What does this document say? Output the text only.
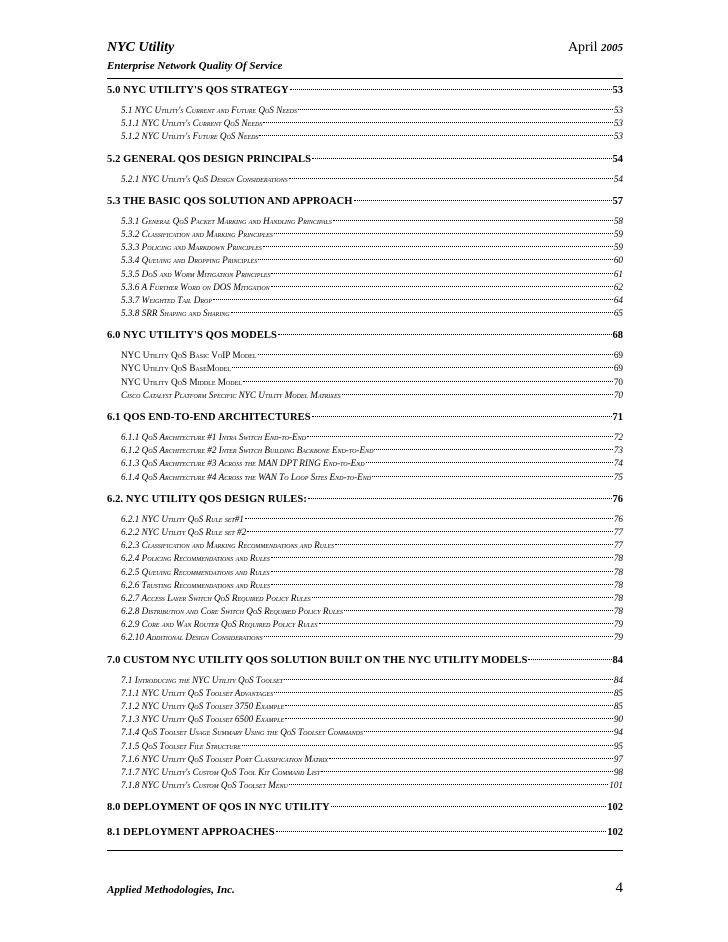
NYC Utility	April 2005
Enterprise Network Quality Of Service
5.0 NYC UTILITY'S QOS STRATEGY	53
5.1 NYC Utility's Current and Future QoS Needs	53
5.1.1 NYC Utility's Current QoS Needs	53
5.1.2 NYC Utility's Future QoS Needs	53
5.2 GENERAL QOS DESIGN PRINCIPALS	54
5.2.1 NYC Utility's QoS Design Considerations	54
5.3 THE BASIC QOS SOLUTION AND APPROACH	57
5.3.1 General QoS Packet Marking and Handling Principals	58
5.3.2 Classification and Marking Principles	59
5.3.3 Policing and Markdown Principles	59
5.3.4 Queuing and Dropping Principles	60
5.3.5 DoS and Worm Mitigation Principles	61
5.3.6 A Further Word on DOS Mitigation	62
5.3.7 Weighted Tail Drop	64
5.3.8 SRR Shaping and Sharing	65
6.0 NYC UTILITY'S QOS MODELS	68
NYC Utility QoS Basic VoIP Model	69
NYC Utility QoS BaseModel	69
NYC Utility QoS Middle Model	70
Cisco Catalyst Platform Specific NYC Utility Model Matrixes	70
6.1 QOS END-TO-END ARCHITECTURES	71
6.1.1 QoS Architecture #1 Intra Switch End-to-End	72
6.1.2 QoS Architecture #2 Inter Switch Building Backbone End-to-End	73
6.1.3 QoS Architecture #3 Across the MAN DPT RING End-to-End	74
6.1.4 QoS Architecture #4 Across the WAN To Loop Sites End-to-End	75
6.2. NYC UTILITY QOS DESIGN RULES:	76
6.2.1 NYC Utility QoS Rule set#1	76
6.2.2 NYC Utility QoS Rule set #2	77
6.2.3 Classification and Marking Recommendations and Rules	77
6.2.4 Policing Recommendations and Rules	78
6.2.5 Queuing Recommendations and Rules	78
6.2.6 Trusting Recommendations and Rules	78
6.2.7 Access Layer Switch QoS Required Policy Rules	78
6.2.8 Distribution and Core Switch QoS Required Policy Rules	78
6.2.9 Core and Wan Router QoS Required Policy Rules	79
6.2.10 Additional Design Considerations	79
7.0 CUSTOM NYC UTILITY QOS SOLUTION BUILT ON THE NYC UTILITY MODELS	84
7.1 Introducing the NYC Utility QoS Toolset	84
7.1.1 NYC Utility QoS Toolset Advantages	85
7.1.2 NYC Utility QoS Toolset 3750 Example	85
7.1.3 NYC Utility QoS Toolset 6500 Example	90
7.1.4 QoS Toolset Usage Summary Using the QoS Toolset Commands	94
7.1.5 QoS Toolset File Structure	95
7.1.6 NYC Utility QoS Toolset Port Classification Matrix	97
7.1.7 NYC Utility's Custom QoS Tool Kit Command List	98
7.1.8 NYC Utility's Custom QoS Toolset Menu	101
8.0 DEPLOYMENT OF QOS IN NYC UTILITY	102
8.1 DEPLOYMENT APPROACHES	102
Applied Methodologies, Inc.	4
